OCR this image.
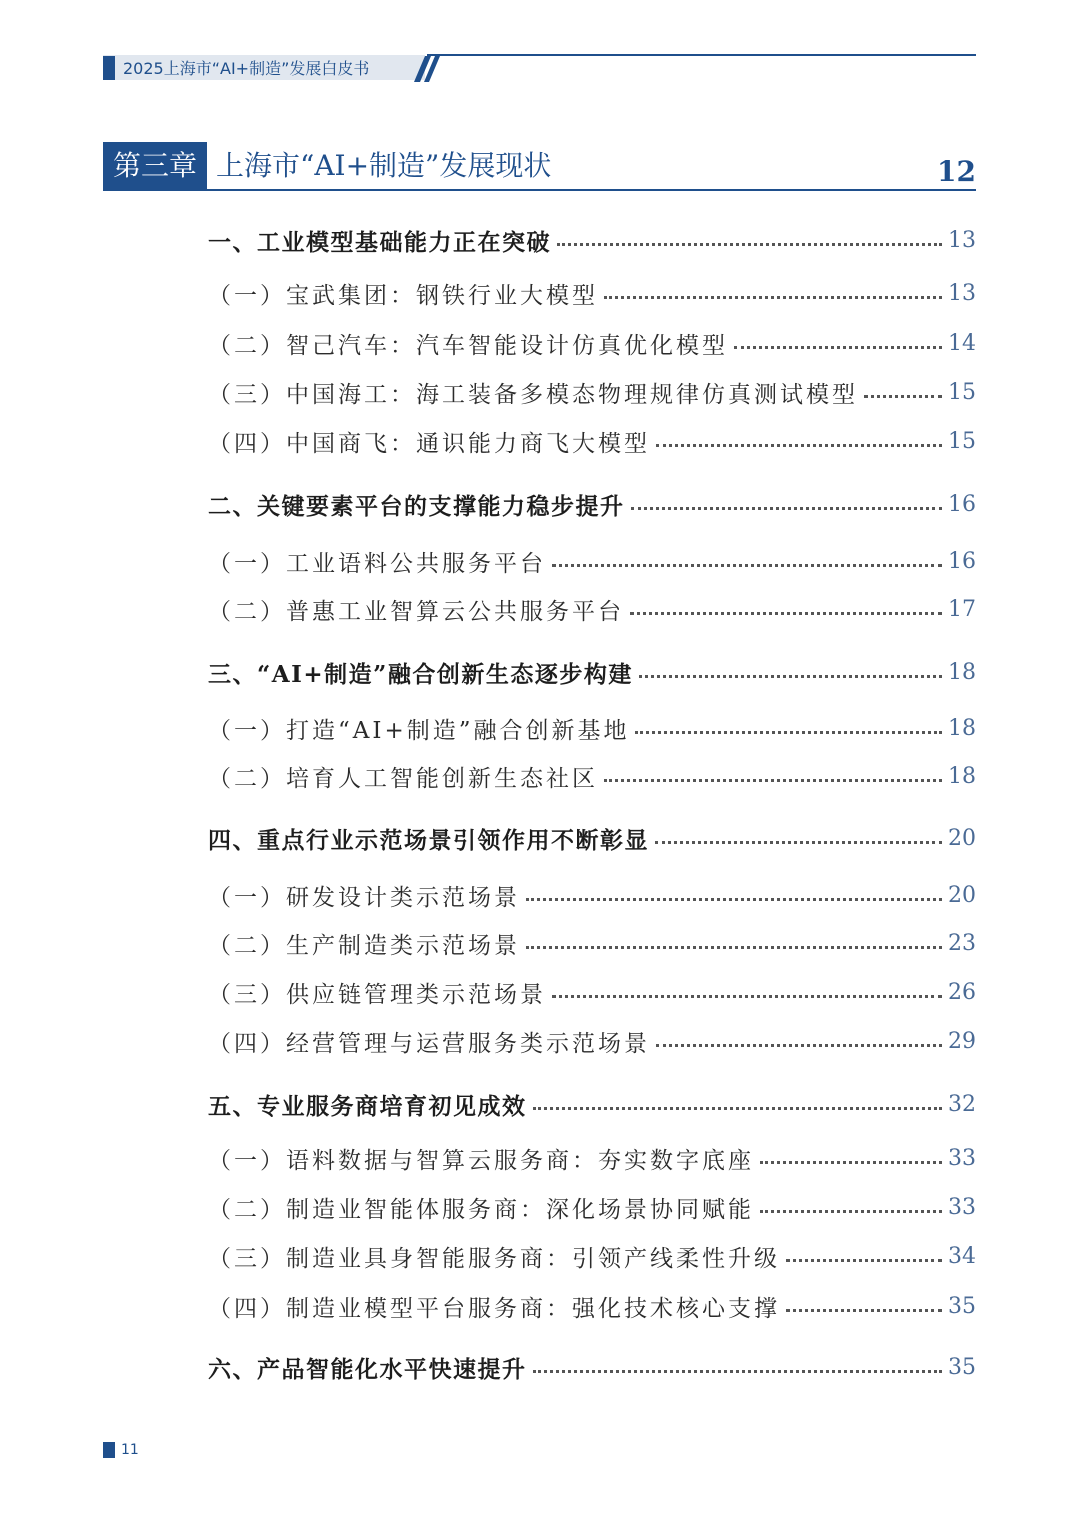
2025上海市“AI+制造”发展白皮书
第三章 上海市“AI+制造”发展现状	12
一、工业模型基础能力正在突破	13
（一）宝武集团：钢铁行业大模型	13
（二）智己汽车：汽车智能设计仿真优化模型	14
（三）中国海工：海工装备多模态物理规律仿真测试模型	15
（四）中国商飞：通识能力商飞大模型	15
二、关键要素平台的支撑能力稳步提升	16
（一）工业语料公共服务平台	16
（二）普惠工业智算云公共服务平台	17
三、“AI+制造”融合创新生态逐步构建	18
（一）打造“AI+制造”融合创新基地	18
（二）培育人工智能创新生态社区	18
四、重点行业示范场景引领作用不断彰显	20
（一）研发设计类示范场景	20
（二）生产制造类示范场景	23
（三）供应链管理类示范场景	26
（四）经营管理与运营服务类示范场景	29
五、专业服务商培育初见成效	32
（一）语料数据与智算云服务商：夯实数字底座	33
（二）制造业智能体服务商：深化场景协同赋能	33
（三）制造业具身智能服务商：引领产线柔性升级	34
（四）制造业模型平台服务商：强化技术核心支撑	35
六、产品智能化水平快速提升	35
11
